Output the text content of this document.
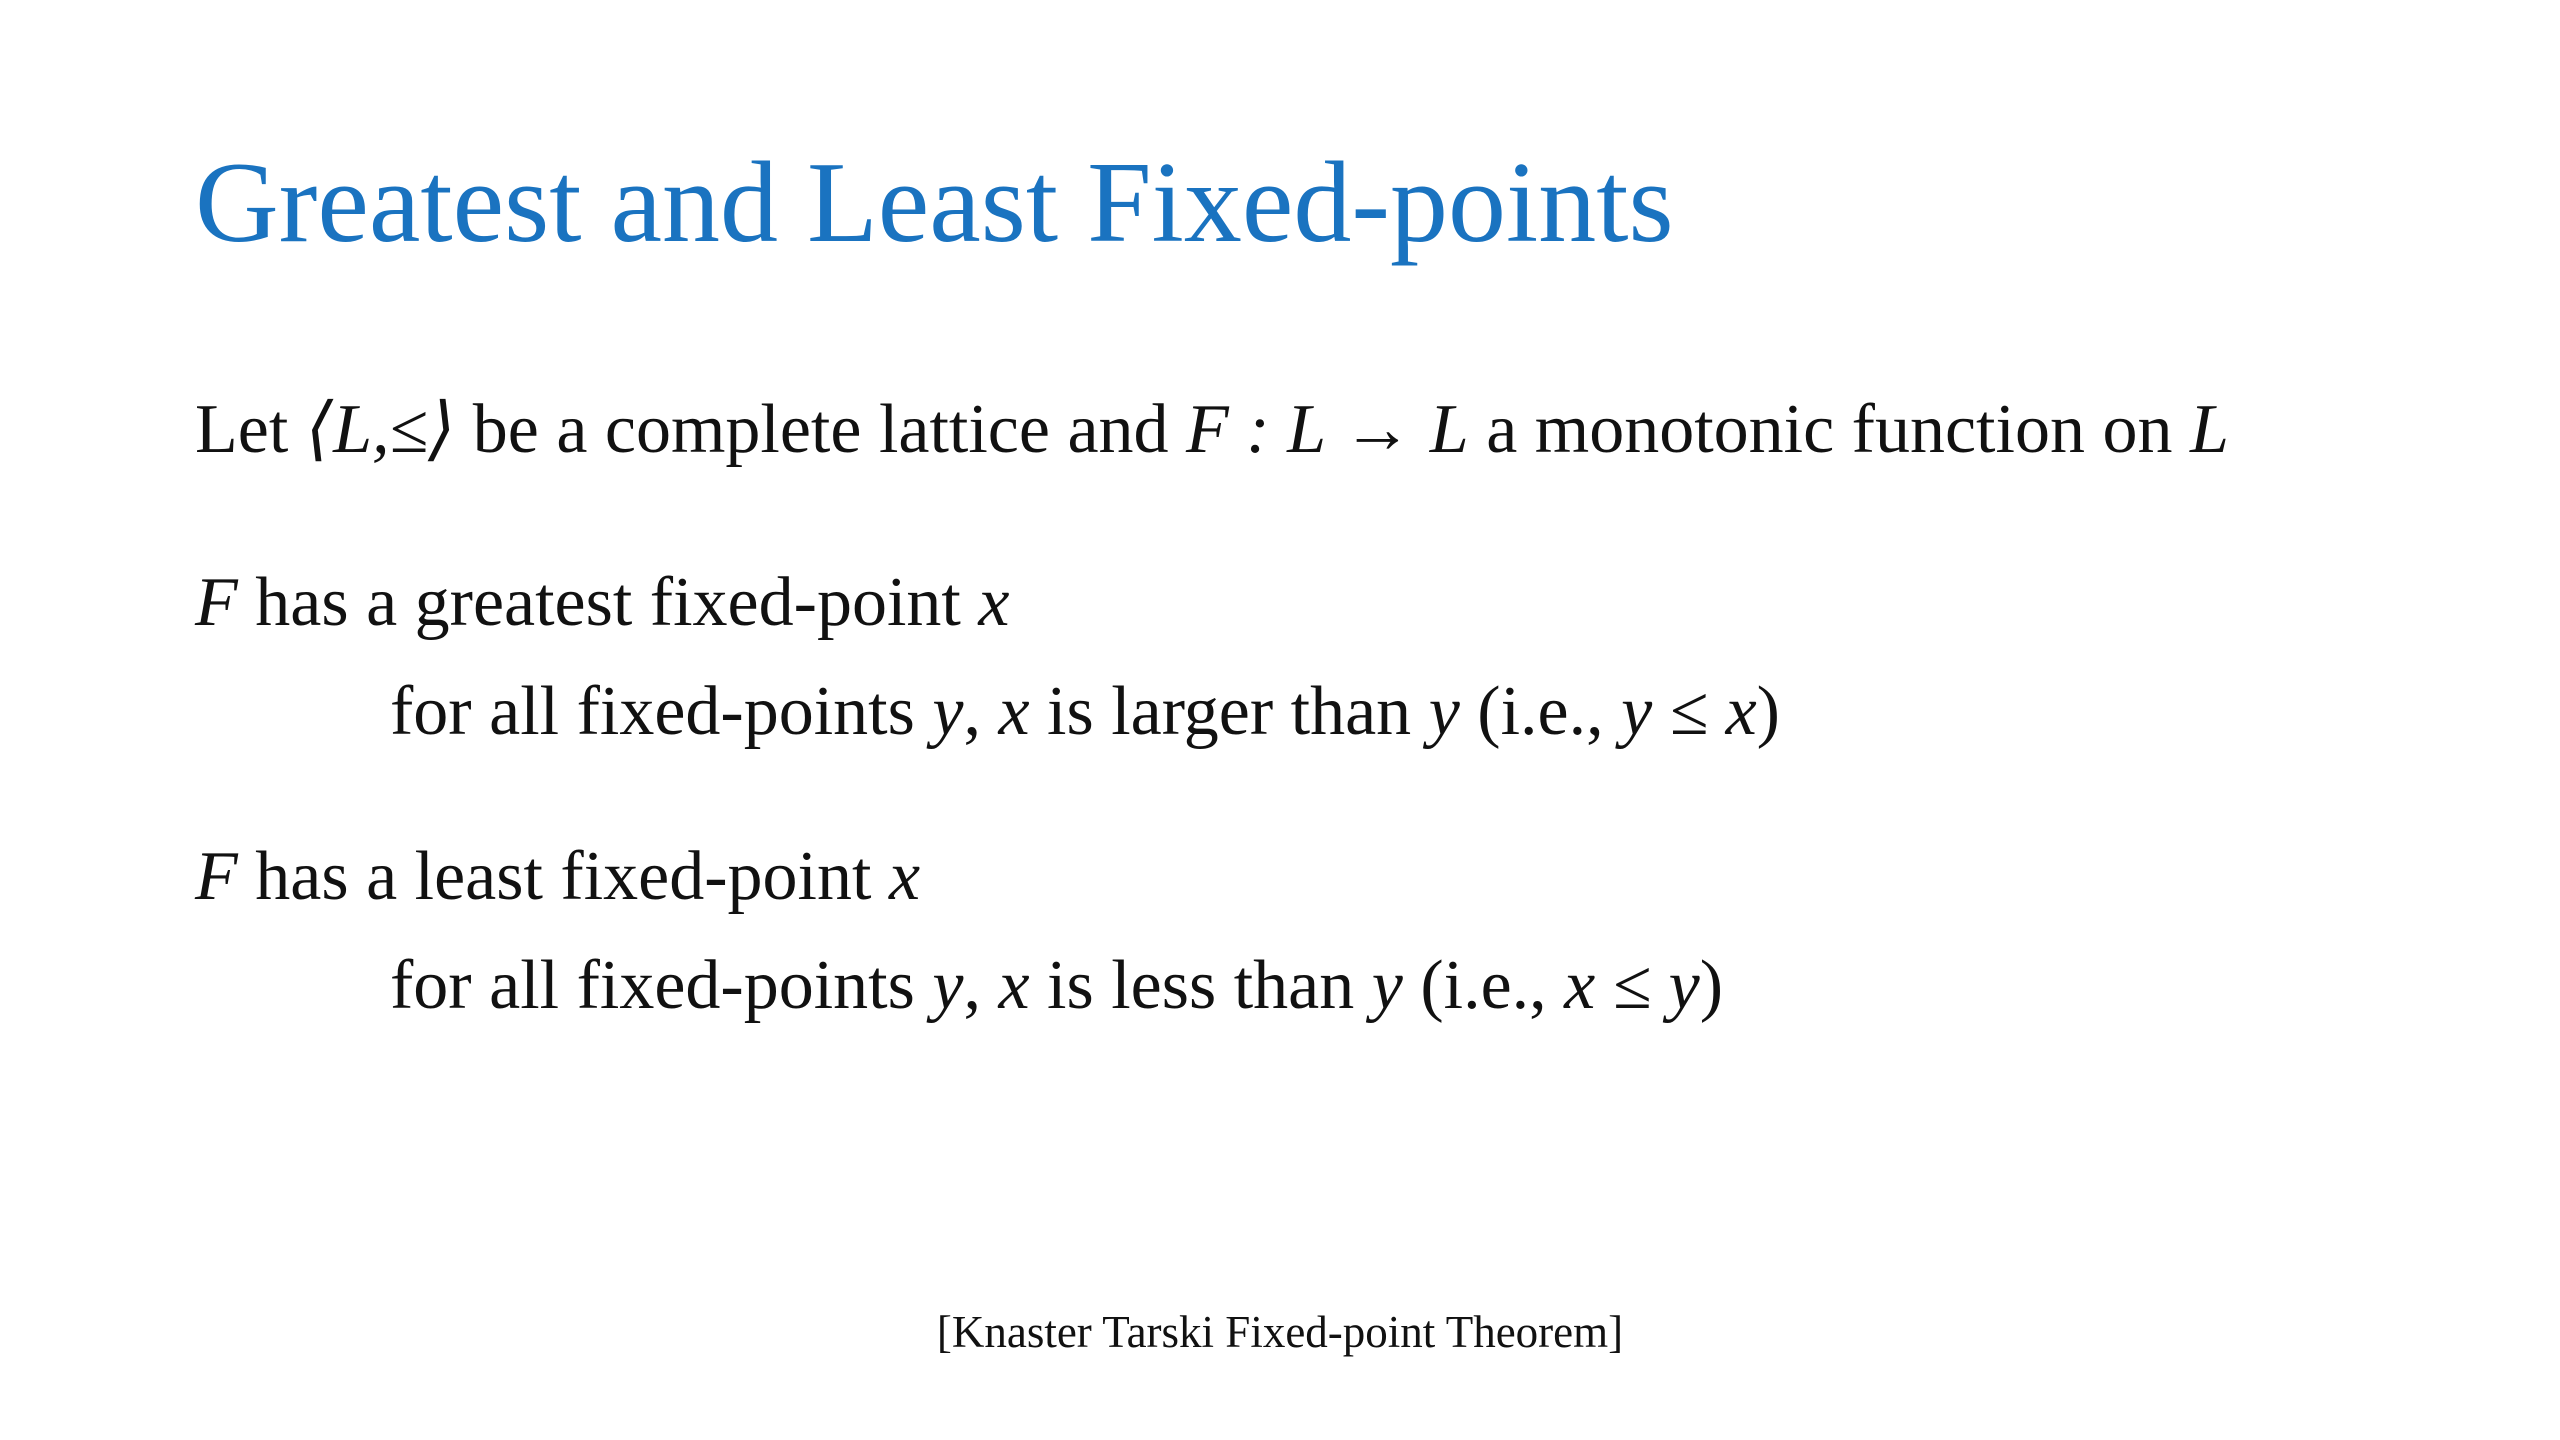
Greatest and Least Fixed-points
Let ⟨L,≤⟩ be a complete lattice and F : L → L a monotonic function on L
F has a greatest fixed-point x
for all fixed-points y, x is larger than y (i.e., y ≤ x)
F has a least fixed-point x
for all fixed-points y, x is less than y (i.e., x ≤ y)
[Knaster Tarski Fixed-point Theorem]
